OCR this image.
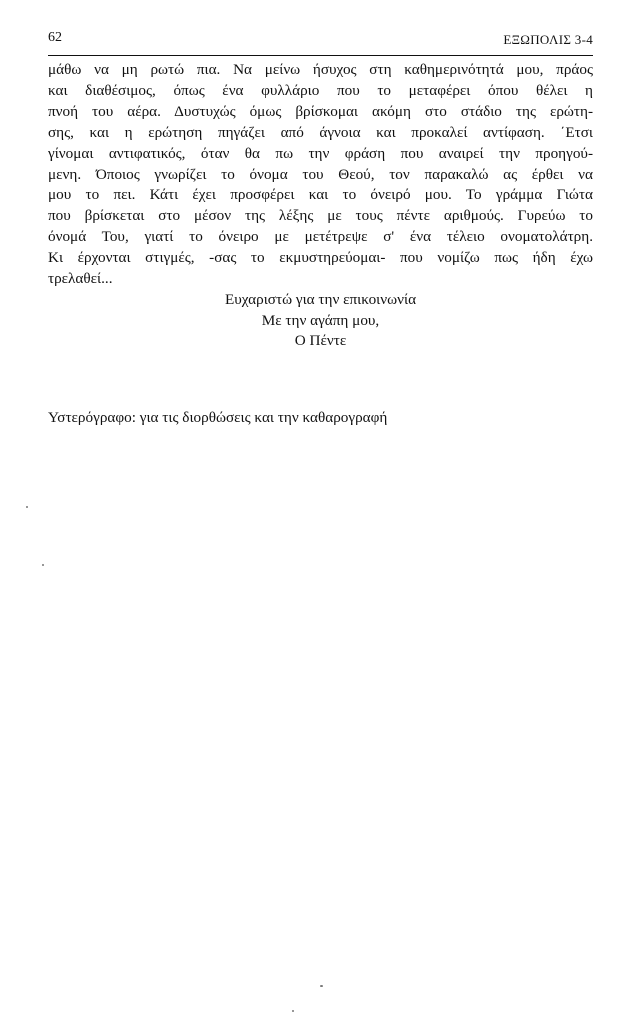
62	ΕΞΩΠΟΛΙΣ 3-4
μάθω να μη ρωτώ πια. Να μείνω ήσυχος στη καθημερινότητά μου, πράος
και διαθέσιμος, όπως ένα φυλλάριο που το μεταφέρει όπου θέλει η
πνοή του αέρα. Δυστυχώς όμως βρίσκομαι ακόμη στο στάδιο της ερώτη-
σης, και η ερώτηση πηγάζει από άγνοια και προκαλεί αντίφαση. ΄Ετσι
γίνομαι αντιφατικός, όταν θα πω την φράση που αναιρεί την προηγού-
μενη. Όποιος γνωρίζει το όνομα του Θεού, τον παρακαλώ ας έρθει να
μου το πει. Κάτι έχει προσφέρει και το όνειρό μου. Το γράμμα Γιώτα
που βρίσκεται στο μέσον της λέξης με τους πέντε αριθμούς. Γυρεύω το
όνομά Του, γιατί το όνειρο με μετέτρεψε σ' ένα τέλειο ονοματολάτρη.
Κι έρχονται στιγμές, -σας το εκμυστηρεύομαι- που νομίζω πως ήδη έχω
τρελαθεί...
Ευχαριστώ για την επικοινωνία
Με την αγάπη μου,
Ο Πέντε
Υστερόγραφο: για τις διορθώσεις και την καθαρογραφή
